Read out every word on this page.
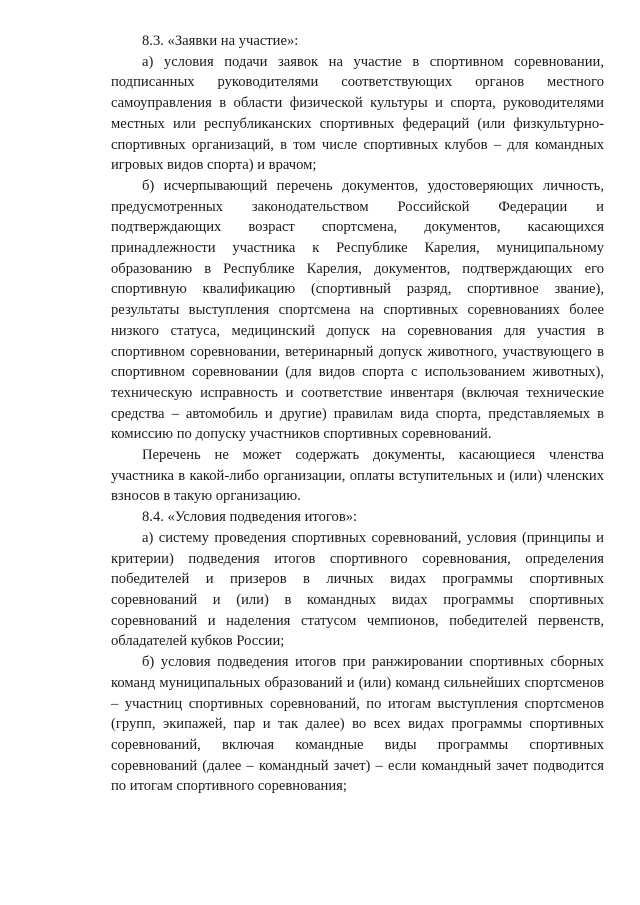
8.3. «Заявки на участие»:

а) условия подачи заявок на участие в спортивном соревновании, подписанных руководителями соответствующих органов местного самоуправления в области физической культуры и спорта, руководителями местных или республиканских спортивных федераций (или физкультурно-спортивных организаций, в том числе спортивных клубов – для командных игровых видов спорта) и врачом;

б) исчерпывающий перечень документов, удостоверяющих личность, предусмотренных законодательством Российской Федерации и подтверждающих возраст спортсмена, документов, касающихся принадлежности участника к Республике Карелия, муниципальному образованию в Республике Карелия, документов, подтверждающих его спортивную квалификацию (спортивный разряд, спортивное звание), результаты выступления спортсмена на спортивных соревнованиях более низкого статуса, медицинский допуск на соревнования для участия в спортивном соревновании, ветеринарный допуск животного, участвующего в спортивном соревновании (для видов спорта с использованием животных), техническую исправность и соответствие инвентаря (включая технические средства – автомобиль и другие) правилам вида спорта, представляемых в комиссию по допуску участников спортивных соревнований.

Перечень не может содержать документы, касающиеся членства участника в какой-либо организации, оплаты вступительных и (или) членских взносов в такую организацию.

8.4. «Условия подведения итогов»:

а) систему проведения спортивных соревнований, условия (принципы и критерии) подведения итогов спортивного соревнования, определения победителей и призеров в личных видах программы спортивных соревнований и (или) в командных видах программы спортивных соревнований и наделения статусом чемпионов, победителей первенств, обладателей кубков России;

б) условия подведения итогов при ранжировании спортивных сборных команд муниципальных образований и (или) команд сильнейших спортсменов – участниц спортивных соревнований, по итогам выступления спортсменов (групп, экипажей, пар и так далее) во всех видах программы спортивных соревнований, включая командные виды программы спортивных соревнований (далее – командный зачет) – если командный зачет подводится по итогам спортивного соревнования;
